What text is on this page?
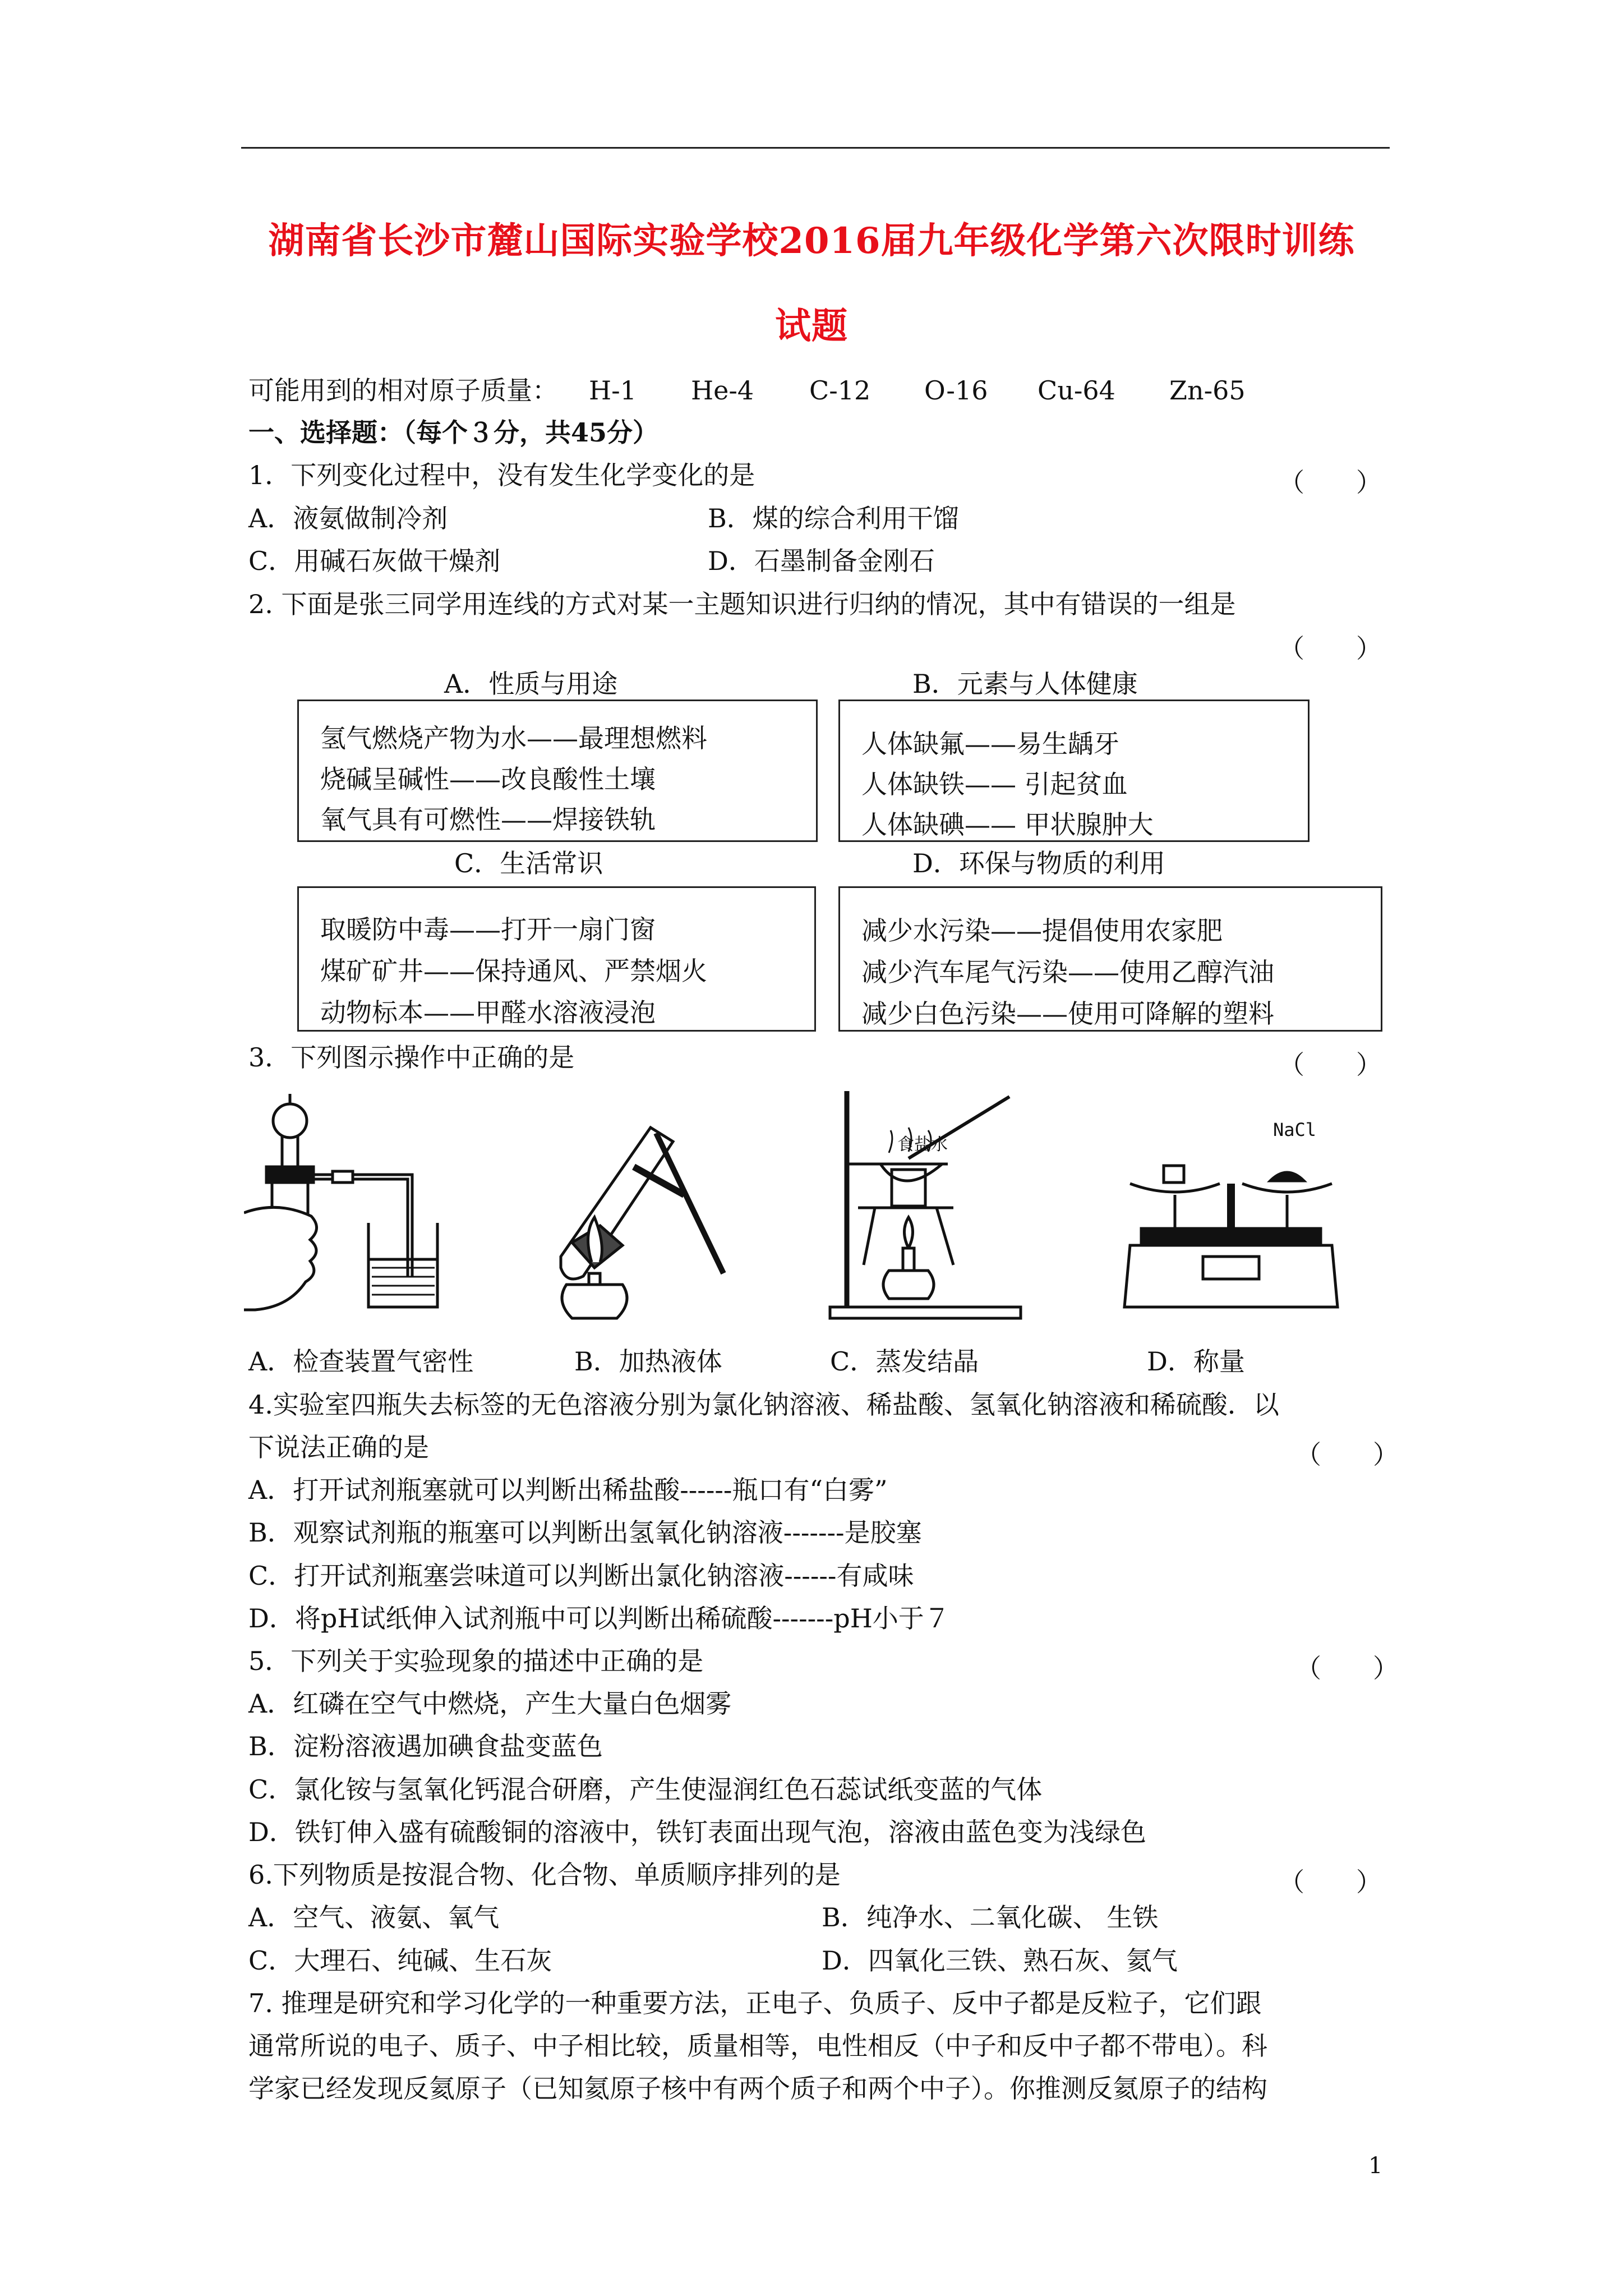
湖南省长沙市麓山国际实验学校2016届九年级化学第六次限时训练
试题
可能用到的相对原子质量： H-1 He-4 C-12 O-16 Cu-64 Zn-65
一、选择题：（每个３分，共45分）
1．下列变化过程中，没有发生化学变化的是	（　　）
A．液氨做制冷剂	B．煤的综合利用干馏
C．用碱石灰做干燥剂	D．石墨制备金刚石
2. 下面是张三同学用连线的方式对某一主题知识进行归纳的情况，其中有错误的一组是
（　　）
A．性质与用途	B．元素与人体健康
氢气燃烧产物为水——最理想燃料
烧碱呈碱性——改良酸性土壤
氧气具有可燃性——焊接铁轨
人体缺氟——易生龋牙
人体缺铁—— 引起贫血
人体缺碘—— 甲状腺肿大
C．生活常识	D．环保与物质的利用
取暖防中毒——打开一扇门窗
煤矿矿井——保持通风、严禁烟火
动物标本——甲醛水溶液浸泡
减少水污染——提倡使用农家肥
减少汽车尾气污染——使用乙醇汽油
减少白色污染——使用可降解的塑料
3．下列图示操作中正确的是	（　　）
食盐水
NaCl
A．检查装置气密性	B．加热液体	C．蒸发结晶	D．称量
4.实验室四瓶失去标签的无色溶液分别为氯化钠溶液、稀盐酸、氢氧化钠溶液和稀硫酸．以
下说法正确的是	（　　）
A．打开试剂瓶塞就可以判断出稀盐酸------瓶口有“白雾”
B．观察试剂瓶的瓶塞可以判断出氢氧化钠溶液-------是胶塞
C．打开试剂瓶塞尝味道可以判断出氯化钠溶液------有咸味
D．将pH试纸伸入试剂瓶中可以判断出稀硫酸-------pH小于７
5．下列关于实验现象的描述中正确的是	（　　）
A．红磷在空气中燃烧，产生大量白色烟雾
B．淀粉溶液遇加碘食盐变蓝色
C．氯化铵与氢氧化钙混合研磨，产生使湿润红色石蕊试纸变蓝的气体
D．铁钉伸入盛有硫酸铜的溶液中，铁钉表面出现气泡，溶液由蓝色变为浅绿色
6.下列物质是按混合物、化合物、单质顺序排列的是	（　　）
A．空气、液氨、氧气	B．纯净水、二氧化碳、 生铁
C．大理石、纯碱、生石灰	D．四氧化三铁、熟石灰、氦气
7. 推理是研究和学习化学的一种重要方法，正电子、负质子、反中子都是反粒子，它们跟
通常所说的电子、质子、中子相比较，质量相等，电性相反（中子和反中子都不带电）。科
学家已经发现反氦原子（已知氦原子核中有两个质子和两个中子）。你推测反氦原子的结构
1
